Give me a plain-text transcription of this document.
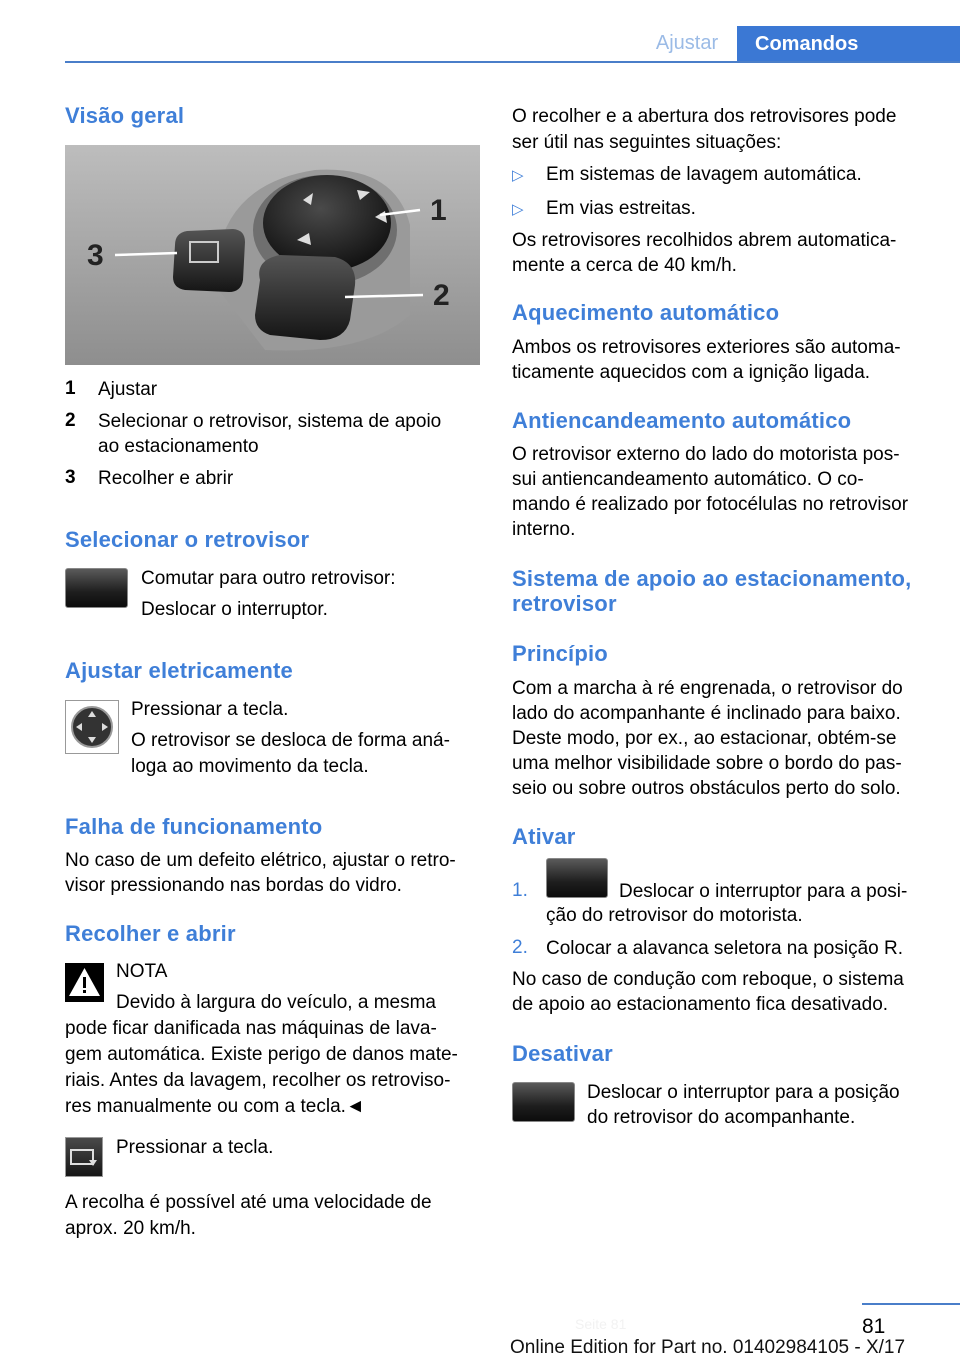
Ajustar	Comandos
Visão geral
3
1
2
1 Ajustar
2 Selecionar o retrovisor, sistema de apoio
ao estacionamento
3 Recolher e abrir
Selecionar o retrovisor
Comutar para outro retrovisor:
Deslocar o interruptor.
Ajustar eletricamente
Pressionar a tecla.
O retrovisor se desloca de forma aná-
loga ao movimento da tecla.
Falha de funcionamento
No caso de um defeito elétrico, ajustar o retro-
visor pressionando nas bordas do vidro.
Recolher e abrir
NOTA
Devido à largura do veículo, a mesma
pode ficar danificada nas máquinas de lava-
gem automática. Existe perigo de danos mate-
riais. Antes da lavagem, recolher os retroviso-
res manualmente ou com a tecla.◄
Pressionar a tecla.
A recolha é possível até uma velocidade de
aprox. 20 km/h.
O recolher e a abertura dos retrovisores pode
ser útil nas seguintes situações:
▷ Em sistemas de lavagem automática.
▷ Em vias estreitas.
Os retrovisores recolhidos abrem automatica-
mente a cerca de 40 km/h.
Aquecimento automático
Ambos os retrovisores exteriores são automa-
ticamente aquecidos com a ignição ligada.
Antiencandeamento automático
O retrovisor externo do lado do motorista pos-
sui antiencandeamento automático. O co-
mando é realizado por fotocélulas no retrovisor
interno.
Sistema de apoio ao estacionamento,
retrovisor
Princípio
Com a marcha à ré engrenada, o retrovisor do
lado do acompanhante é inclinado para baixo.
Deste modo, por ex., ao estacionar, obtém-se
uma melhor visibilidade sobre o bordo do pas-
seio ou sobre outros obstáculos perto do solo.
Ativar
1.	Deslocar o interruptor para a posi-
ção do retrovisor do motorista.
2. Colocar a alavanca seletora na posição R.
No caso de condução com reboque, o sistema
de apoio ao estacionamento fica desativado.
Desativar
Deslocar o interruptor para a posição
do retrovisor do acompanhante.
81
Online Edition for Part no. 01402984105 - X/17
Seite 81
